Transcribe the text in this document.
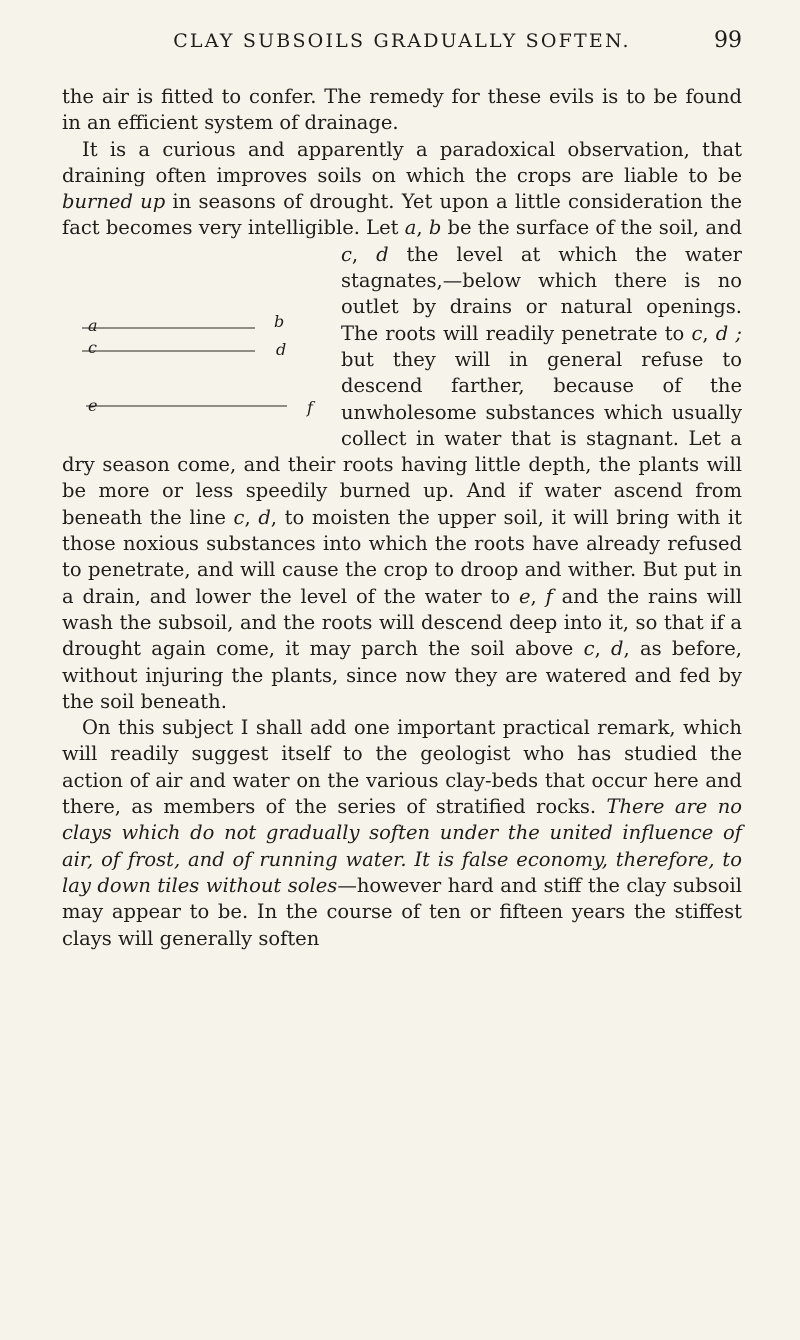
CLAY SUBSOILS GRADUALLY SOFTEN.	99

the air is fitted to confer. The remedy for these evils is to be found in an efficient system of drainage.

It is a curious and apparently a paradoxical observation, that draining often improves soils on which the crops are liable to be burned up in seasons of drought. Yet upon a little consideration the fact becomes very intelligible. Let a, b be the surface of the soil, and c, d
a	b
c	d
e	f
the level at which the water stagnates,—below which there is no outlet by drains or natural openings. The roots will readily penetrate to c, d ; but they will in general refuse to descend farther, because of the unwholesome substances which usually collect in water that is stagnant. Let a dry season come, and their roots having little depth, the plants will be more or less speedily burned up. And if water ascend from beneath the line c, d, to moisten the upper soil, it will bring with it those noxious substances into which the roots have already refused to penetrate, and will cause the crop to droop and wither. But put in a drain, and lower the level of the water to e, f and the rains will wash the subsoil, and the roots will descend deep into it, so that if a drought again come, it may parch the soil above c, d, as before, without injuring the plants, since now they are watered and fed by the soil beneath.

On this subject I shall add one important practical remark, which will readily suggest itself to the geologist who has studied the action of air and water on the various clay-beds that occur here and there, as members of the series of stratified rocks. There are no clays which do not gradually soften under the united influence of air, of frost, and of running water. It is false economy, therefore, to lay down tiles without soles—however hard and stiff the clay subsoil may appear to be. In the course of ten or fifteen years the stiffest clays will generally soften
